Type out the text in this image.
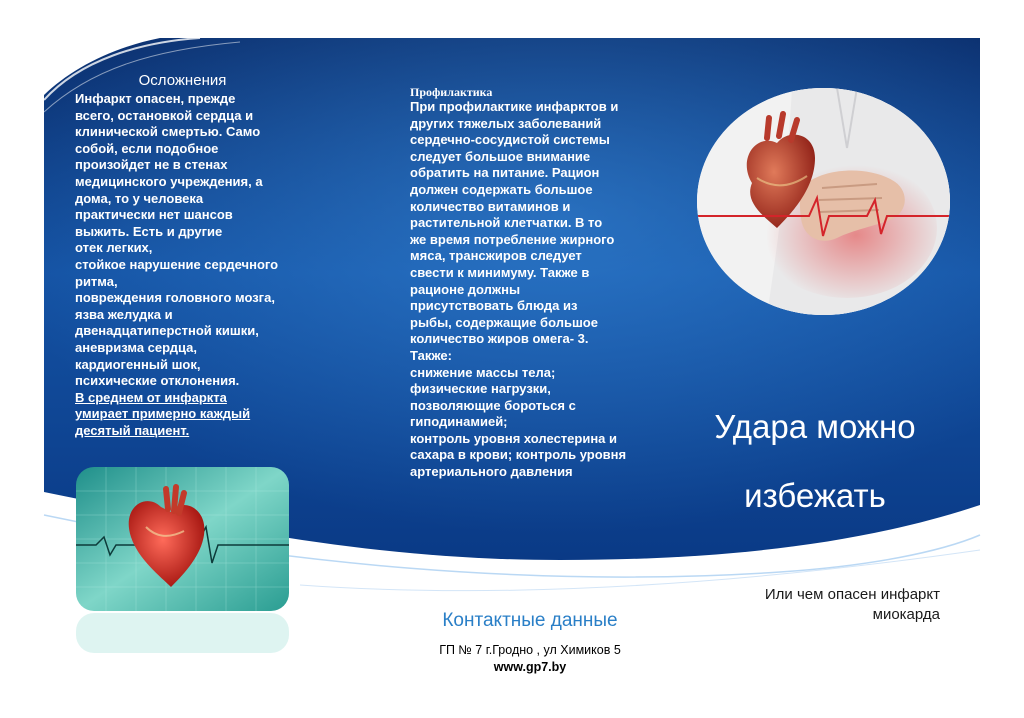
Осложнения
Инфаркт опасен, прежде
всего, остановкой сердца и
клинической смертью. Само
собой, если подобное
произойдет не в стенах
медицинского учреждения, а
дома, то у человека
практически нет шансов
выжить. Есть и другие
отек легких,
стойкое нарушение сердечного
ритма,
повреждения головного мозга,
язва желудка и
двенадцатиперстной кишки,
аневризма сердца,
кардиогенный шок,
психические отклонения.
В среднем от инфаркта
умирает примерно каждый
десятый пациент.
Профилактика
При профилактике инфарктов и
других тяжелых заболеваний
сердечно-сосудистой системы
следует большое внимание
обратить на питание. Рацион
должен содержать большое
количество витаминов и
растительной клетчатки. В то
же время потребление жирного
мяса, трансжиров следует
свести к минимуму. Также в
рационе должны
присутствовать блюда из
рыбы, содержащие большое
количество жиров омега- 3.
Также:
снижение массы тела;
физические нагрузки,
позволяющие бороться с
гиподинамией;
контроль уровня холестерина и
сахара в крови; контроль уровня
артериального давления
Контактные данные
ГП № 7 г.Гродно , ул Химиков 5
www.gp7.by
Удара можно
избежать
Или чем опасен инфаркт
миокарда
